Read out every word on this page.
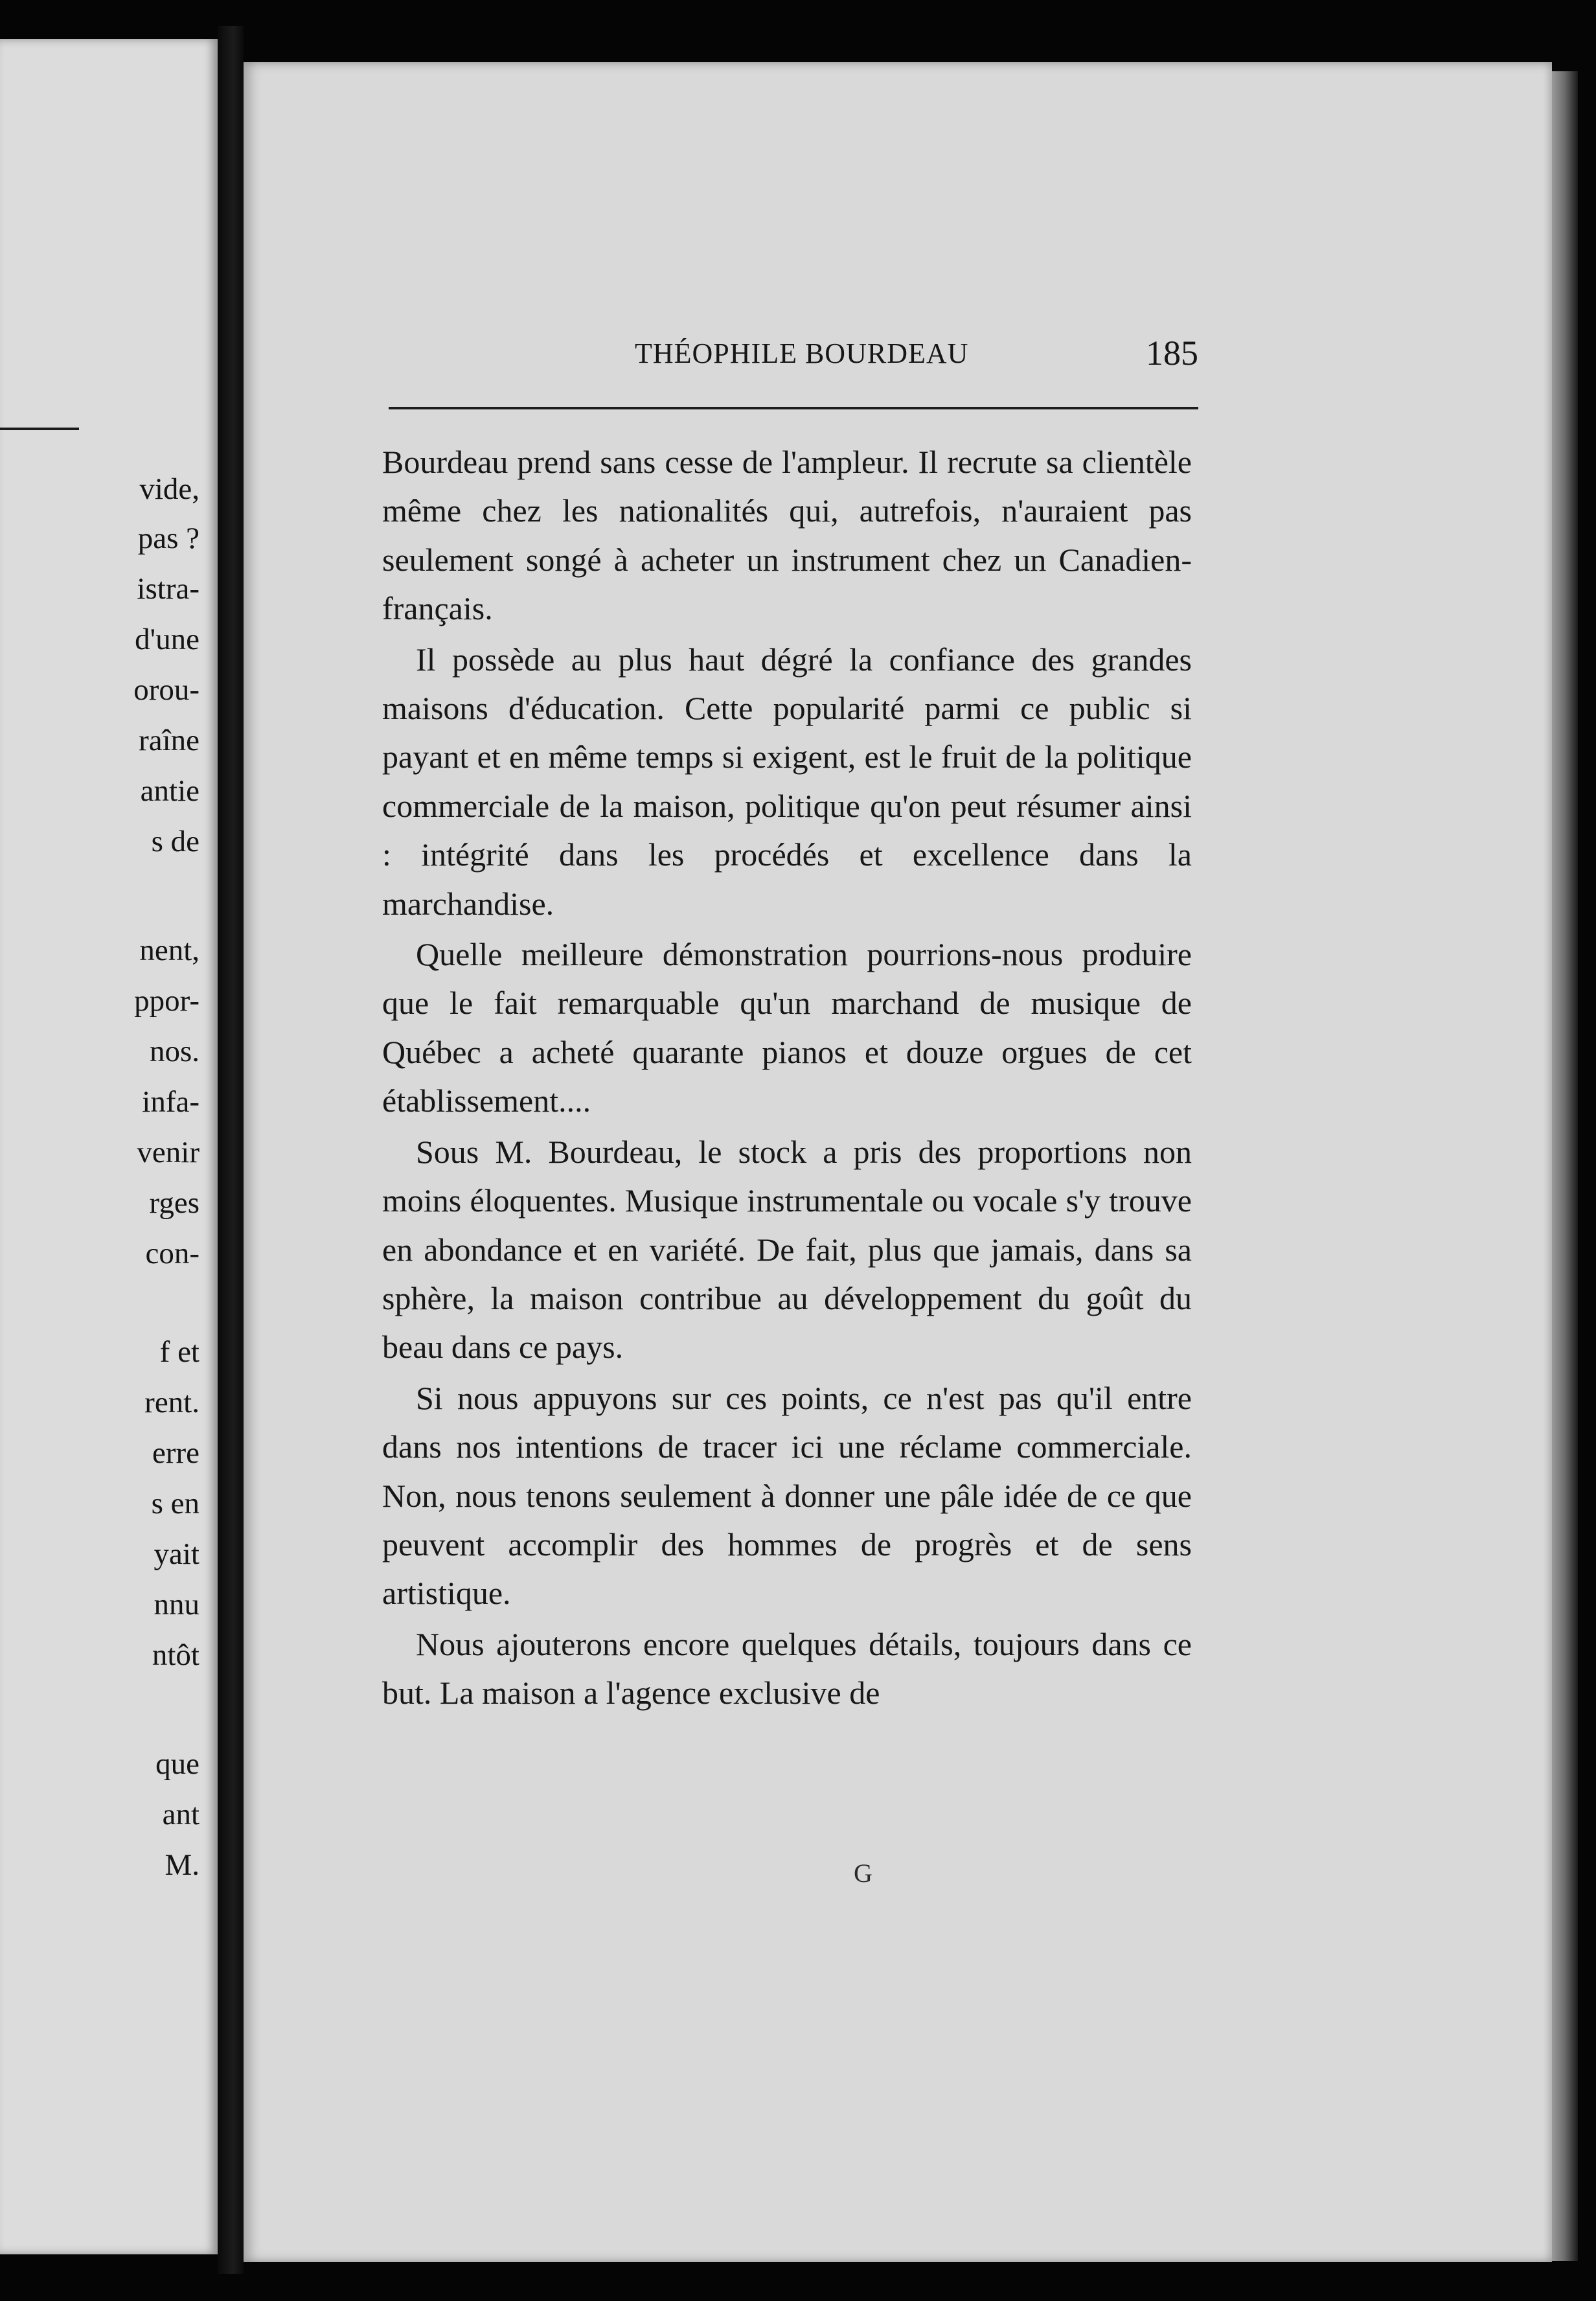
vide,

pas ?

istra-

d'une

orou-

raîne

antie

s de

nent,

ppor-

nos.

infa-

venir

rges

con-

f et

rent.

erre

s en

yait

nnu

ntôt

que

ant

M.

THÉOPHILE BOURDEAU	185

Bourdeau prend sans cesse de l'ampleur. Il recrute sa clientèle même chez les nationalités qui, autrefois, n'auraient pas seulement songé à acheter un instrument chez un Canadien-français.

Il possède au plus haut dégré la confiance des grandes maisons d'éducation. Cette popularité parmi ce public si payant et en même temps si exigent, est le fruit de la politique commerciale de la maison, politique qu'on peut résumer ainsi : intégrité dans les procédés et excellence dans la marchandise.

Quelle meilleure démonstration pourrions-nous produire que le fait remarquable qu'un marchand de musique de Québec a acheté quarante pianos et douze orgues de cet établissement....

Sous M. Bourdeau, le stock a pris des proportions non moins éloquentes. Musique instrumentale ou vocale s'y trouve en abondance et en variété. De fait, plus que jamais, dans sa sphère, la maison contribue au développement du goût du beau dans ce pays.

Si nous appuyons sur ces points, ce n'est pas qu'il entre dans nos intentions de tracer ici une réclame commerciale. Non, nous tenons seulement à donner une pâle idée de ce que peuvent accomplir des hommes de progrès et de sens artistique.

Nous ajouterons encore quelques détails, toujours dans ce but. La maison a l'agence exclusive de

G
